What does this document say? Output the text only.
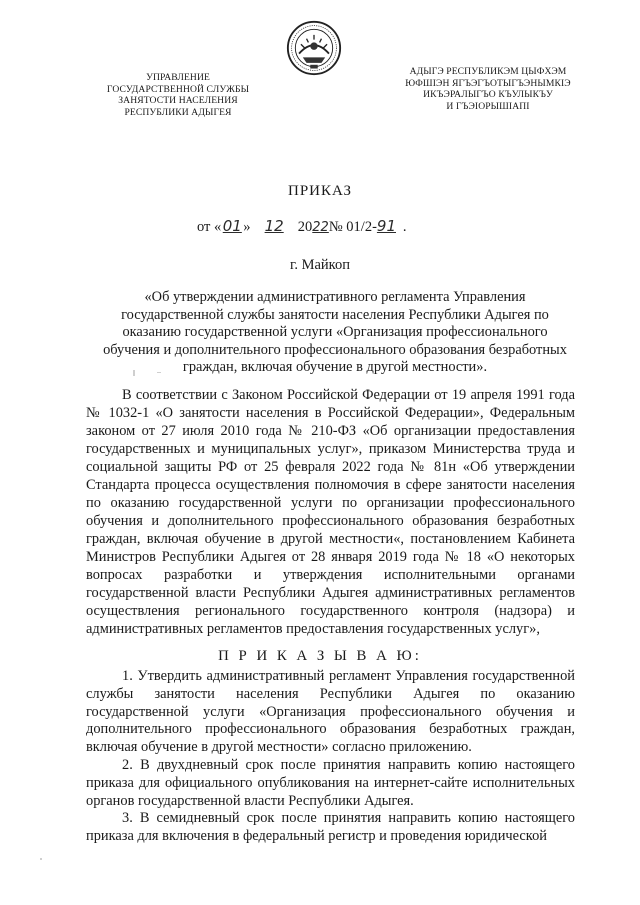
УПРАВЛЕНИЕ
ГОСУДАРСТВЕННОЙ СЛУЖБЫ
ЗАНЯТОСТИ НАСЕЛЕНИЯ
РЕСПУБЛИКИ АДЫГЕЯ
АДЫГЭ РЕСПУБЛИКЭМ ЦЫФХЭМ
ЮФШІЭН ЯГЪЭГЪОТЫГЪЭНЫМКІЭ
ИКЪЭРАЛЫГЪО КЪУЛЫКЪУ
И ГЪЭІОРЫШІАПІ
ПРИКАЗ
от «01» 12 2022№ 01/2-91 .
г. Майкоп
«Об утверждении административного регламента Управления
государственной службы занятости населения Республики Адыгея по
оказанию государственной услуги «Организация профессионального
обучения и дополнительного профессионального образования безработных
граждан, включая обучение в другой местности».

В соответствии с Законом Российской Федерации от 19 апреля 1991 года № 1032-1 «О занятости населения в Российской Федерации», Федеральным законом от 27 июля 2010 года № 210-ФЗ «Об организации предоставления государственных и муниципальных услуг», приказом Министерства труда и социальной защиты РФ от 25 февраля 2022 года № 81н «Об утверждении Стандарта процесса осуществления полномочия в сфере занятости населения по оказанию государственной услуги по организации профессионального обучения и дополнительного профессионального образования безработных граждан, включая обучение в другой местности«, постановлением Кабинета Министров Республики Адыгея от 28 января 2019 года № 18 «О некоторых вопросах разработки и утверждения исполнительными органами государственной власти Республики Адыгея административных регламентов осуществления регионального государственного контроля (надзора) и административных регламентов предоставления государственных услуг»,

П Р И К А З Ы В А Ю:

1. Утвердить административный регламент Управления государственной службы занятости населения Республики Адыгея по оказанию государственной услуги «Организация профессионального обучения и дополнительного профессионального образования безработных граждан, включая обучение в другой местности» согласно приложению.

2. В двухдневный срок после принятия направить копию настоящего приказа для официального опубликования на интернет-сайте исполнительных органов государственной власти Республики Адыгея.

3. В семидневный срок после принятия направить копию настоящего приказа для включения в федеральный регистр и проведения юридической
